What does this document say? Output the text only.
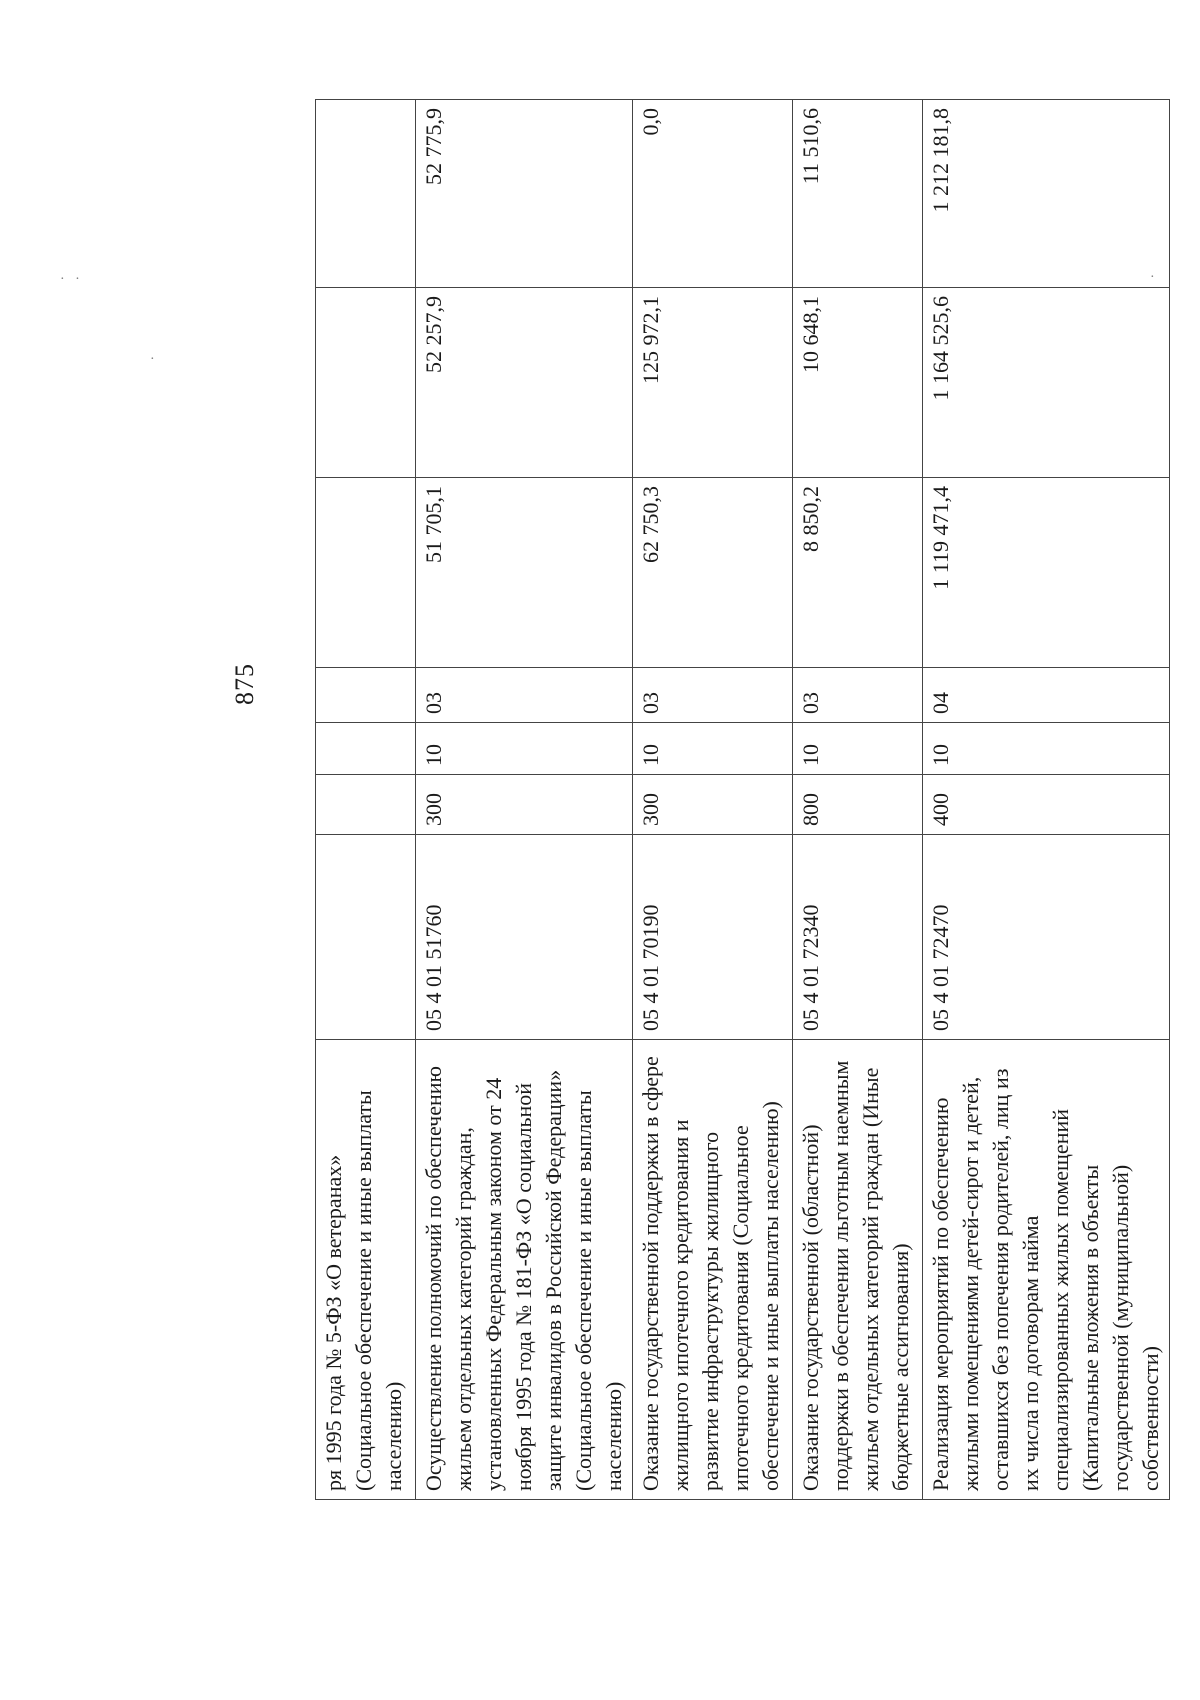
·   ·
·
·
875
ря 1995 года № 5-ФЗ «О ветеранах» (Социальное обеспечение и иные выплаты населению)							
Осуществление полномочий по обеспечению жильем отдельных категорий граждан, установленных Федеральным законом от 24 ноября 1995 года № 181-ФЗ «О социальной защите инвалидов в Российской Федерации» (Социальное обеспечение и иные выплаты населению)	05 4 01 51760	300	10	03	51 705,1	52 257,9	52 775,9
Оказание государственной поддержки в сфере жилищного ипотечного кредитования и развитие инфраструктуры жилищного ипотечного кредитования (Социальное обеспечение и иные выплаты населению)	05 4 01 70190	300	10	03	62 750,3	125 972,1	0,0
Оказание государственной (областной) поддержки в обеспечении льготным наемным жильем отдельных категорий граждан (Иные бюджетные ассигнования)	05 4 01 72340	800	10	03	8 850,2	10 648,1	11 510,6
Реализация мероприятий по обеспечению жилыми помещениями детей-сирот и детей, оставшихся без попечения родителей, лиц из их числа по договорам найма специализированных жилых помещений (Капитальные вложения в объекты государственной (муниципальной) собственности)	05 4 01 72470	400	10	04	1 119 471,4	1 164 525,6	1 212 181,8
